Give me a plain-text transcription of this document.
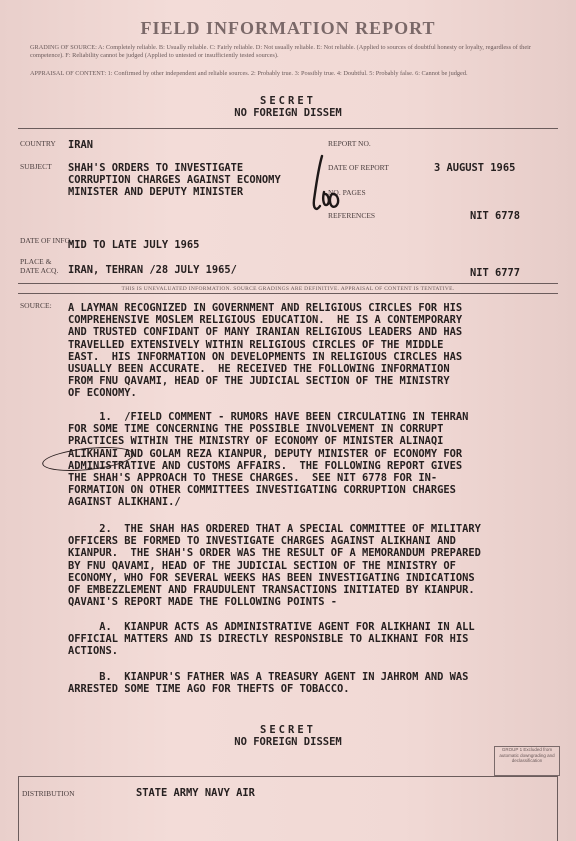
FIELD INFORMATION REPORT
GRADING OF SOURCE: A: Completely reliable. B: Usually reliable. C: Fairly reliable. D: Not usually reliable. E: Not reliable. (Applied to sources of doubtful honesty or loyalty, regardless of their competence). F: Reliability cannot be judged (Applied to untested or insufficiently tested sources).
APPRAISAL OF CONTENT: 1: Confirmed by other independent and reliable sources. 2: Probably true. 3: Possibly true. 4: Doubtful. 5: Probably false. 6: Cannot be judged.
SECRET
NO FOREIGN DISSEM
COUNTRY IRAN	REPORT NO.
SUBJECT SHAH'S ORDERS TO INVESTIGATE
CORRUPTION CHARGES AGAINST ECONOMY
MINISTER AND DEPUTY MINISTER
DATE OF REPORT	3 AUGUST 1965
NO. PAGES
REFERENCES	NIT 6778
200
DATE OF INFO.
MID TO LATE JULY 1965
PLACE & DATE ACQ. IRAN, TEHRAN /28 JULY 1965/	NIT 6777
THIS IS UNEVALUATED INFORMATION. SOURCE GRADINGS ARE DEFINITIVE. APPRAISAL OF CONTENT IS TENTATIVE.
SOURCE: A LAYMAN RECOGNIZED IN GOVERNMENT AND RELIGIOUS CIRCLES FOR HIS
COMPREHENSIVE MOSLEM RELIGIOUS EDUCATION.  HE IS A CONTEMPORARY
AND TRUSTED CONFIDANT OF MANY IRANIAN RELIGIOUS LEADERS AND HAS
TRAVELLED EXTENSIVELY WITHIN RELIGIOUS CIRCLES OF THE MIDDLE
EAST.  HIS INFORMATION ON DEVELOPMENTS IN RELIGIOUS CIRCLES HAS
USUALLY BEEN ACCURATE.  HE RECEIVED THE FOLLOWING INFORMATION
FROM FNU QAVAMI, HEAD OF THE JUDICIAL SECTION OF THE MINISTRY
OF ECONOMY.
1.  /FIELD COMMENT - RUMORS HAVE BEEN CIRCULATING IN TEHRAN
FOR SOME TIME CONCERNING THE POSSIBLE INVOLVEMENT IN CORRUPT
PRACTICES WITHIN THE MINISTRY OF ECONOMY OF MINISTER ALINAQI
ALIKHANI AND GOLAM REZA KIANPUR, DEPUTY MINISTER OF ECONOMY FOR
ADMINISTRATIVE AND CUSTOMS AFFAIRS.  THE FOLLOWING REPORT GIVES
THE SHAH'S APPROACH TO THESE CHARGES.  SEE NIT 6778 FOR IN-
FORMATION ON OTHER COMMITTEES INVESTIGATING CORRUPTION CHARGES
AGAINST ALIKHANI./
2.  THE SHAH HAS ORDERED THAT A SPECIAL COMMITTEE OF MILITARY
OFFICERS BE FORMED TO INVESTIGATE CHARGES AGAINST ALIKHANI AND
KIANPUR.  THE SHAH'S ORDER WAS THE RESULT OF A MEMORANDUM PREPARED
BY FNU QAVAMI, HEAD OF THE JUDICIAL SECTION OF THE MINISTRY OF
ECONOMY, WHO FOR SEVERAL WEEKS HAS BEEN INVESTIGATING INDICATIONS
OF EMBEZZLEMENT AND FRAUDULENT TRANSACTIONS INITIATED BY KIANPUR.
QAVANI'S REPORT MADE THE FOLLOWING POINTS -
A.  KIANPUR ACTS AS ADMINISTRATIVE AGENT FOR ALIKHANI IN ALL
OFFICIAL MATTERS AND IS DIRECTLY RESPONSIBLE TO ALIKHANI FOR HIS
ACTIONS.
B.  KIANPUR'S FATHER WAS A TREASURY AGENT IN JAHROM AND WAS
ARRESTED SOME TIME AGO FOR THEFTS OF TOBACCO.
SECRET
NO FOREIGN DISSEM
GROUP 1 Excluded from automatic downgrading and declassification
DISTRIBUTION	STATE ARMY NAVY AIR
